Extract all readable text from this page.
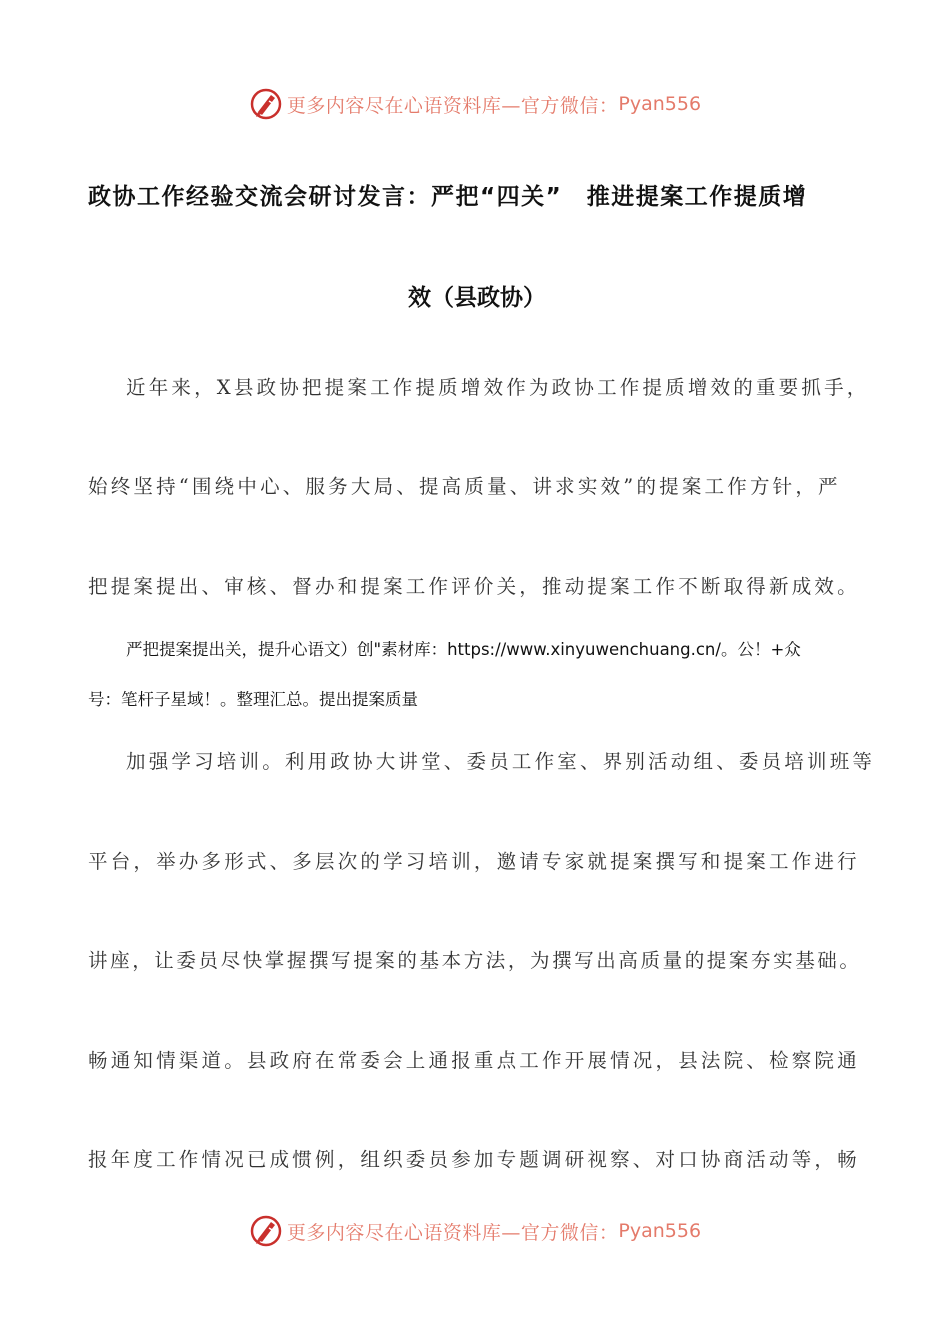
更多内容尽在心语资料库—官方微信： Pyan556
政协工作经验交流会研讨发言：严把“四关”　推进提案工作提质增
效（县政协）
近年来，X县政协把提案工作提质增效作为政协工作提质增效的重要抓手，
始终坚持“围绕中心、服务大局、提高质量、讲求实效”的提案工作方针，严
把提案提出、审核、督办和提案工作评价关，推动提案工作不断取得新成效。
严把提案提出关，提升心语文）创"素材库：https://www.xinyuwenchuang.cn/。公！+众
号：笔杆子星域！。整理汇总。提出提案质量
加强学习培训。利用政协大讲堂、委员工作室、界别活动组、委员培训班等
平台，举办多形式、多层次的学习培训，邀请专家就提案撰写和提案工作进行
讲座，让委员尽快掌握撰写提案的基本方法，为撰写出高质量的提案夯实基础。
畅通知情渠道。县政府在常委会上通报重点工作开展情况，县法院、检察院通
报年度工作情况已成惯例，组织委员参加专题调研视察、对口协商活动等，畅
更多内容尽在心语资料库—官方微信： Pyan556
